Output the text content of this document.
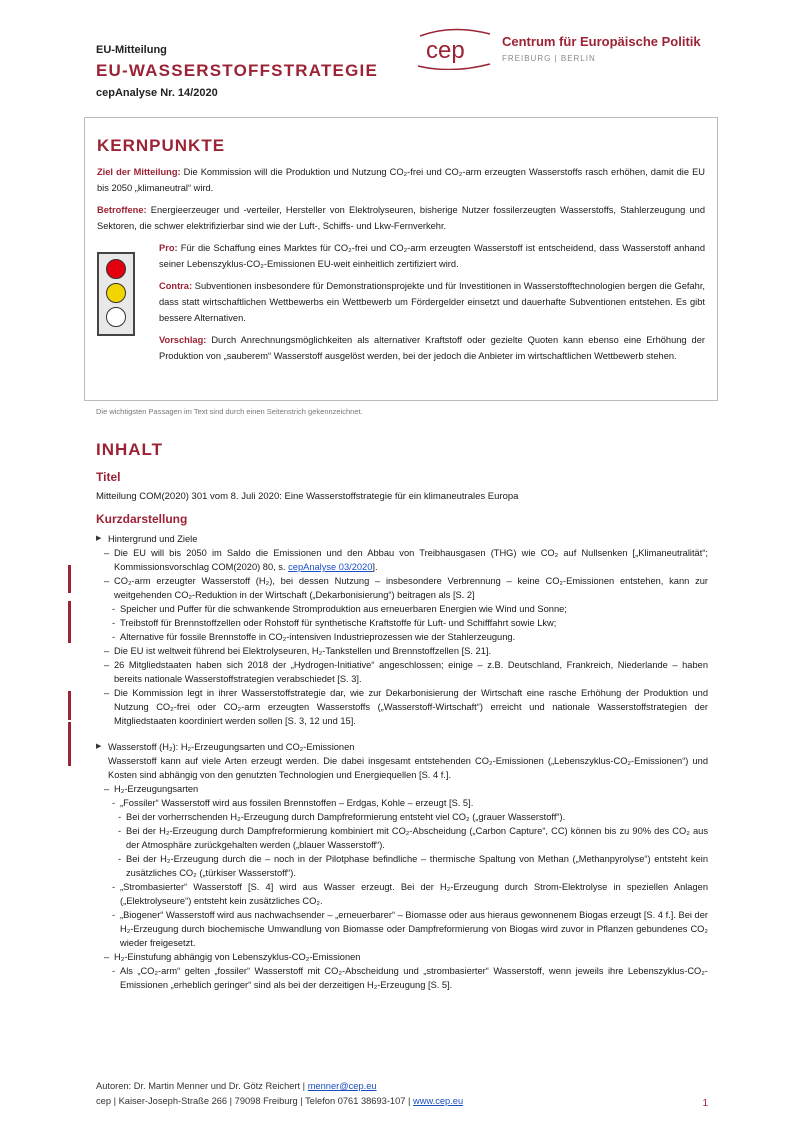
EU-Mitteilung
EU-WASSERSTOFFSTRATEGIE
cepAnalyse Nr. 14/2020
cep	Centrum für Europäische Politik
FREIBURG | BERLIN
KERNPUNKTE

Ziel der Mitteilung: Die Kommission will die Produktion und Nutzung CO₂-frei und CO₂-arm erzeugten Wasserstoffs rasch erhöhen, damit die EU bis 2050 „klimaneutral“ wird.

Betroffene: Energieerzeuger und -verteiler, Hersteller von Elektrolyseuren, bisherige Nutzer fossilerzeugten Wasserstoffs, Stahlerzeugung und Sektoren, die schwer elektrifizierbar sind wie der Luft-, Schiffs- und Lkw-Fernverkehr.

Pro: Für die Schaffung eines Marktes für CO₂-frei und CO₂-arm erzeugten Wasserstoff ist entscheidend, dass Wasserstoff anhand seiner Lebenszyklus-CO₂-Emissionen EU-weit einheitlich zertifiziert wird.

Contra: Subventionen insbesondere für Demonstrationsprojekte und für Investitionen in Wasserstofftechnologien bergen die Gefahr, dass statt wirtschaftlichen Wettbewerbs ein Wettbewerb um Fördergelder einsetzt und dauerhafte Subventionen entstehen. Es gibt bessere Alternativen.

Vorschlag: Durch Anrechnungsmöglichkeiten als alternativer Kraftstoff oder gezielte Quoten kann ebenso eine Erhöhung der Produktion von „sauberem“ Wasserstoff ausgelöst werden, bei der jedoch die Anbieter im wirtschaftlichen Wettbewerb stehen.

Die wichtigsten Passagen im Text sind durch einen Seitenstrich gekennzeichnet.
INHALT
Titel
Mitteilung COM(2020) 301 vom 8. Juli 2020: Eine Wasserstoffstrategie für ein klimaneutrales Europa
Kurzdarstellung
▶ Hintergrund und Ziele
– Die EU will bis 2050 im Saldo die Emissionen und den Abbau von Treibhausgasen (THG) wie CO₂ auf Nullsenken [„Klimaneutralität“; Kommissionsvorschlag COM(2020) 80, s. cepAnalyse 03/2020].
– CO₂-arm erzeugter Wasserstoff (H₂), bei dessen Nutzung – insbesondere Verbrennung – keine CO₂-Emissionen entstehen, kann zur weitgehenden CO₂-Reduktion in der Wirtschaft („Dekarbonisierung“) beitragen als [S. 2]
- Speicher und Puffer für die schwankende Stromproduktion aus erneuerbaren Energien wie Wind und Sonne;
- Treibstoff für Brennstoffzellen oder Rohstoff für synthetische Kraftstoffe für Luft- und Schifffahrt sowie Lkw;
- Alternative für fossile Brennstoffe in CO₂-intensiven Industrieprozessen wie der Stahlerzeugung.
– Die EU ist weltweit führend bei Elektrolyseuren, H₂-Tankstellen und Brennstoffzellen [S. 21].
– 26 Mitgliedstaaten haben sich 2018 der „Hydrogen-Initiative“ angeschlossen; einige – z.B. Deutschland, Frankreich, Niederlande – haben bereits nationale Wasserstoffstrategien verabschiedet [S. 3].
– Die Kommission legt in ihrer Wasserstoffstrategie dar, wie zur Dekarbonisierung der Wirtschaft eine rasche Erhöhung der Produktion und Nutzung CO₂-frei oder CO₂-arm erzeugten Wasserstoffs („Wasserstoff-Wirtschaft“) erreicht und nationale Wasserstoffstrategien der Mitgliedstaaten koordiniert werden sollen [S. 3, 12 und 15].
▶ Wasserstoff (H₂): H₂-Erzeugungsarten und CO₂-Emissionen
Wasserstoff kann auf viele Arten erzeugt werden. Die dabei insgesamt entstehenden CO₂-Emissionen („Lebenszyklus-CO₂-Emissionen“) und Kosten sind abhängig von den genutzten Technologien und Energiequellen [S. 4 f.].
– H₂-Erzeugungsarten
- „Fossiler“ Wasserstoff wird aus fossilen Brennstoffen – Erdgas, Kohle – erzeugt [S. 5].
- Bei der vorherrschenden H₂-Erzeugung durch Dampfreformierung entsteht viel CO₂ („grauer Wasserstoff“).
- Bei der H₂-Erzeugung durch Dampfreformierung kombiniert mit CO₂-Abscheidung („Carbon Capture“, CC) können bis zu 90% des CO₂ aus der Atmosphäre zurückgehalten werden („blauer Wasserstoff“).
- Bei der H₂-Erzeugung durch die – noch in der Pilotphase befindliche – thermische Spaltung von Methan („Methanpyrolyse“) entsteht kein zusätzliches CO₂ („türkiser Wasserstoff“).
- „Strombasierter“ Wasserstoff [S. 4] wird aus Wasser erzeugt. Bei der H₂-Erzeugung durch Strom-Elektrolyse in speziellen Anlagen („Elektrolyseure“) entsteht kein zusätzliches CO₂.
- „Biogener“ Wasserstoff wird aus nachwachsender – „erneuerbarer“ – Biomasse oder aus hieraus gewonnenem Biogas erzeugt [S. 4 f.]. Bei der H₂-Erzeugung durch biochemische Umwandlung von Biomasse oder Dampfreformierung von Biogas wird zuvor in Pflanzen gebundenes CO₂ wieder freigesetzt.
– H₂-Einstufung abhängig von Lebenszyklus-CO₂-Emissionen
- Als „CO₂-arm“ gelten „fossiler“ Wasserstoff mit CO₂-Abscheidung und „strombasierter“ Wasserstoff, wenn jeweils ihre Lebenszyklus-CO₂-Emissionen „erheblich geringer“ sind als bei der derzeitigen H₂-Erzeugung [S. 5].
Autoren: Dr. Martin Menner und Dr. Götz Reichert | menner@cep.eu
cep | Kaiser-Joseph-Straße 266 | 79098 Freiburg | Telefon 0761 38693-107 | www.cep.eu	1
